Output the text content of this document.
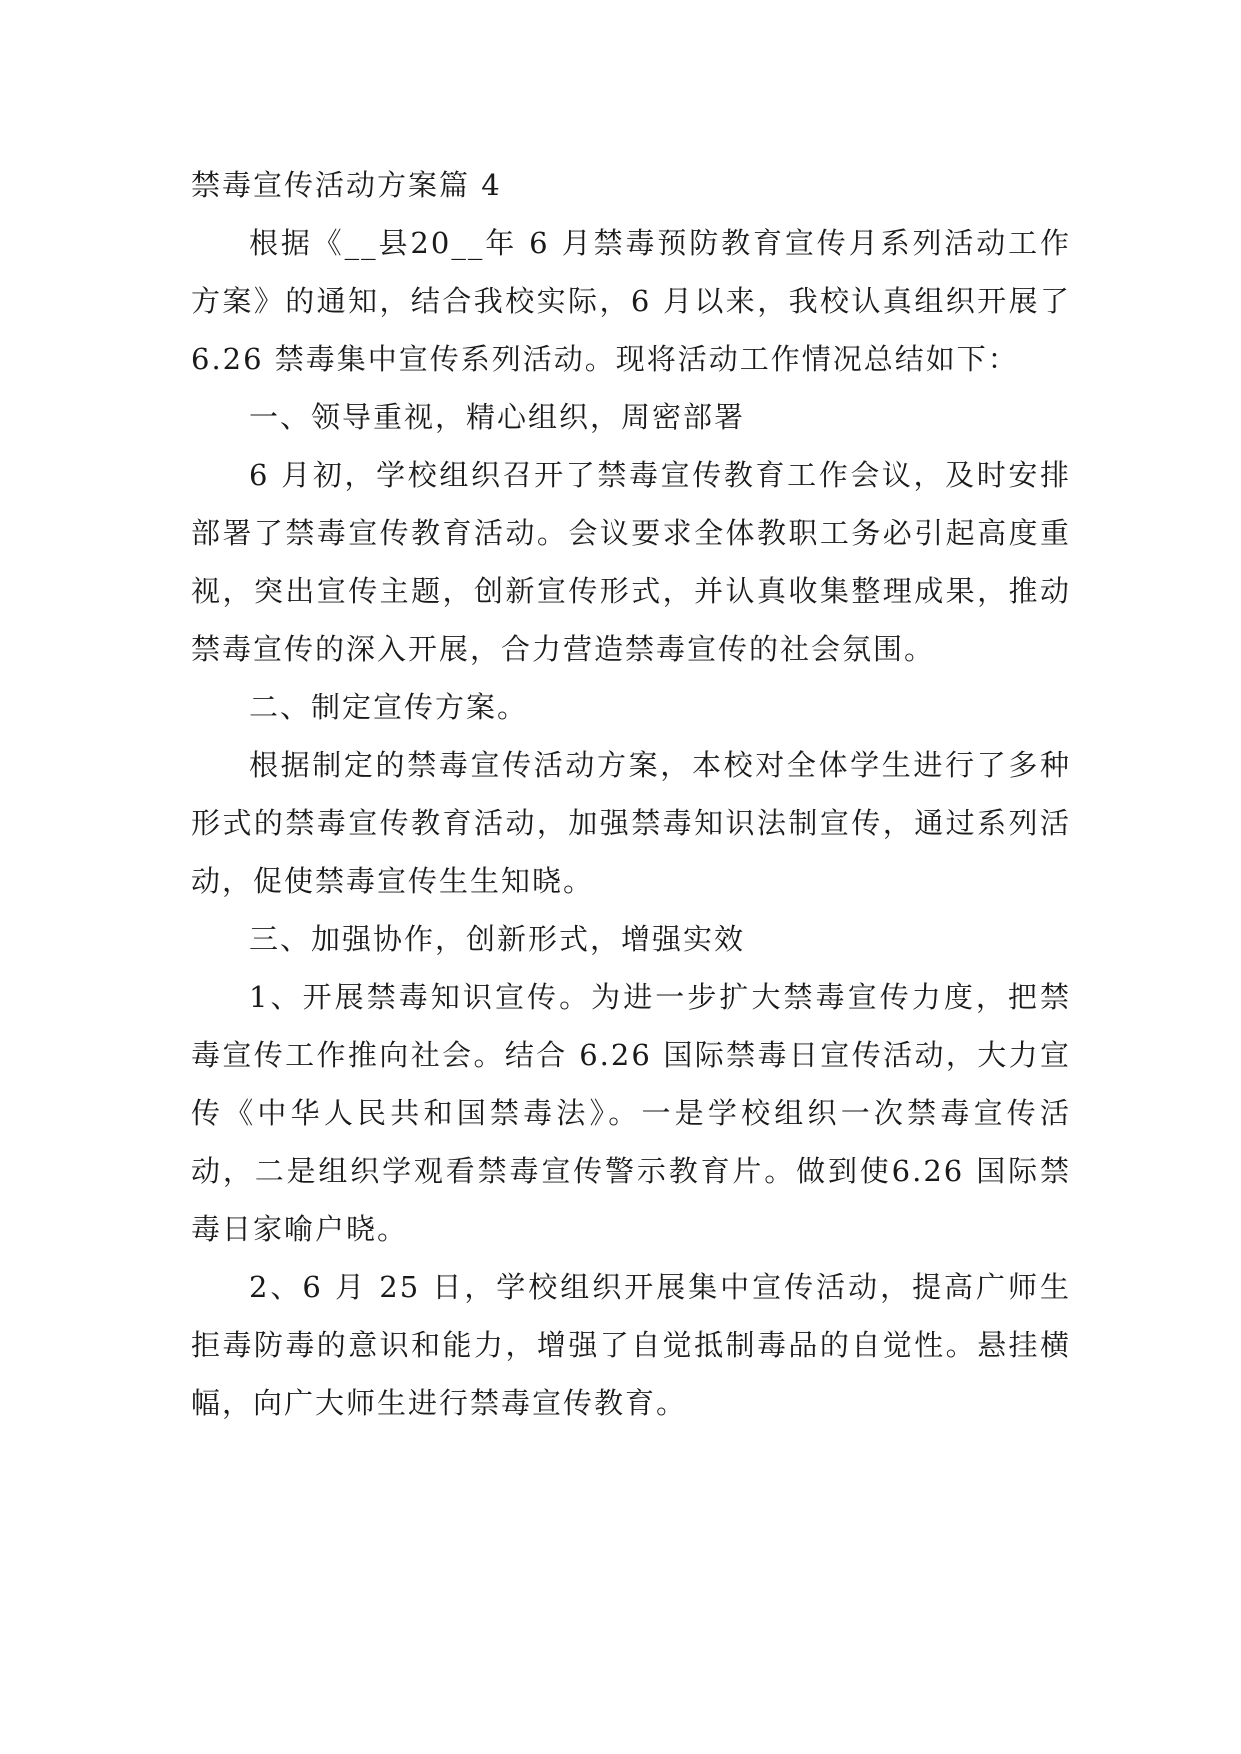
禁毒宣传活动方案篇 4

根据《__县20__年 6 月禁毒预防教育宣传月系列活动工作方案》的通知，结合我校实际，6 月以来，我校认真组织开展了 6.26 禁毒集中宣传系列活动。现将活动工作情况总结如下：

一、领导重视，精心组织，周密部署

6 月初，学校组织召开了禁毒宣传教育工作会议，及时安排部署了禁毒宣传教育活动。会议要求全体教职工务必引起高度重视，突出宣传主题，创新宣传形式，并认真收集整理成果，推动禁毒宣传的深入开展，合力营造禁毒宣传的社会氛围。

二、制定宣传方案。

根据制定的禁毒宣传活动方案，本校对全体学生进行了多种形式的禁毒宣传教育活动，加强禁毒知识法制宣传，通过系列活动，促使禁毒宣传生生知晓。

三、加强协作，创新形式，增强实效

1、开展禁毒知识宣传。为进一步扩大禁毒宣传力度，把禁毒宣传工作推向社会。结合 6.26 国际禁毒日宣传活动，大力宣传《中华人民共和国禁毒法》。一是学校组织一次禁毒宣传活动，二是组织学观看禁毒宣传警示教育片。做到使6.26 国际禁毒日家喻户晓。

2、6 月 25 日，学校组织开展集中宣传活动，提高广师生拒毒防毒的意识和能力，增强了自觉抵制毒品的自觉性。悬挂横幅，向广大师生进行禁毒宣传教育。
